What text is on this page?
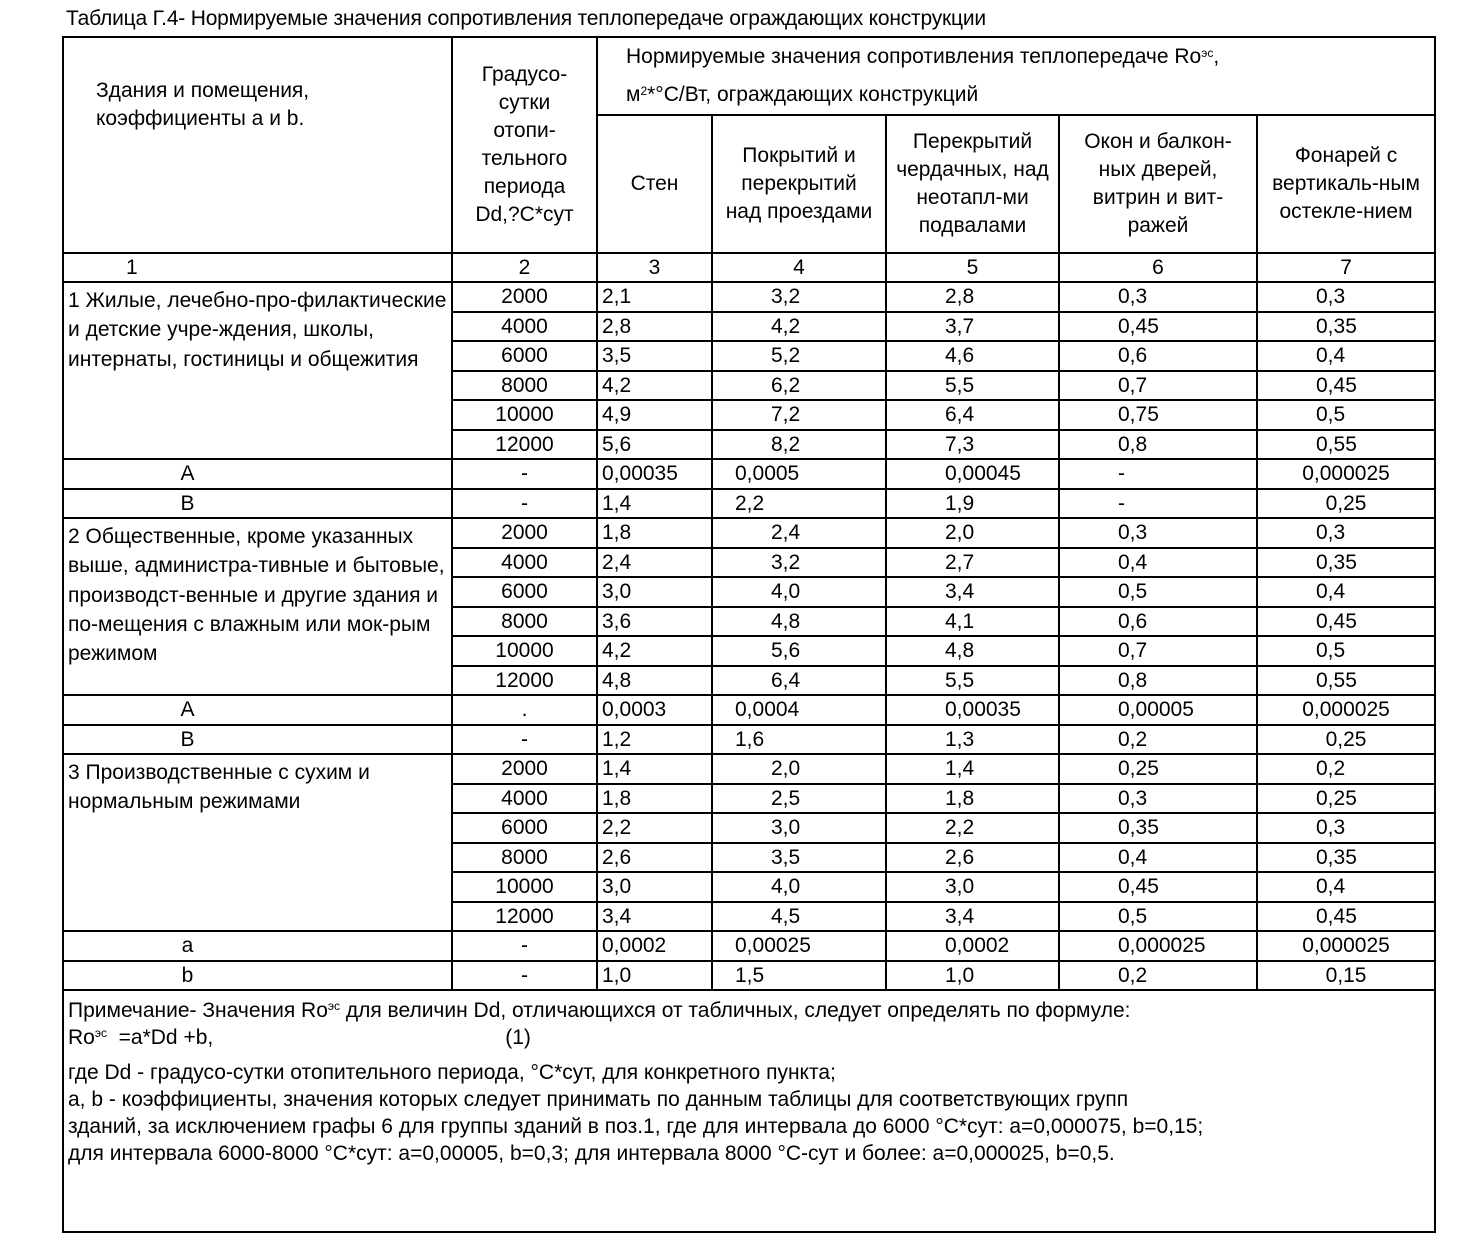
Таблица Г.4- Нормируемые значения сопротивления теплопередаче ограждающих конструкции
Здания и помещения, коэффициенты a и b.	Градусо-сутки отопи-тельного периода Dd,?C*сут	Нормируемые значения сопротивления теплопередаче $Ro^{эс}$,
$м^2*^\circ С/Вт$, ограждающих конструкций				
		Стен	Покрытий и перекрытий над проездами	Перекрытий чердачных, над неотапл-ми подвалами	Окон и балкон-ных дверей, витрин и вит-ражей	Фонарей с вертикаль-ным остекле-нием
1	2	3	4	5	6	7
1 Жилые, лечебно-про-филактические и детские учре-ждения, школы, интернаты, гостиницы и общежития	2000	2,1	3,2	2,8	0,3	0,3
	4000	2,8	4,2	3,7	0,45	0,35
	6000	3,5	5,2	4,6	0,6	0,4
	8000	4,2	6,2	5,5	0,7	0,45
	10000	4,9	7,2	6,4	0,75	0,5
	12000	5,6	8,2	7,3	0,8	0,55
A	-	0,00035	0,0005	0,00045	-	0,000025
B	-	1,4	2,2	1,9	-	0,25
2 Общественные, кроме указанных выше, администра-тивные и бытовые, производст-венные и другие здания и по-мещения с влажным или мок-рым режимом	2000	1,8	2,4	2,0	0,3	0,3
	4000	2,4	3,2	2,7	0,4	0,35
	6000	3,0	4,0	3,4	0,5	0,4
	8000	3,6	4,8	4,1	0,6	0,45
	10000	4,2	5,6	4,8	0,7	0,5
	12000	4,8	6,4	5,5	0,8	0,55
A	.	0,0003	0,0004	0,00035	0,00005	0,000025
B	-	1,2	1,6	1,3	0,2	0,25
3 Производственные с сухим и нормальным режимами	2000	1,4	2,0	1,4	0,25	0,2
	4000	1,8	2,5	1,8	0,3	0,25
	6000	2,2	3,0	2,2	0,35	0,3
	8000	2,6	3,5	2,6	0,4	0,35
	10000	3,0	4,0	3,0	0,45	0,4
	12000	3,4	4,5	3,4	0,5	0,45
a	-	0,0002	0,00025	0,0002	0,000025	0,000025
b	-	1,0	1,5	1,0	0,2	0,15

Примечание- Значения $Ro^{эс}$ для величин Dd, отличающихся от табличных, следует определять по формуле:
$Ro^{эс} =a*Dd +b$,	(1)
где Dd - градусо-сутки отопительного периода, °С*сут, для конкретного пункта;
a, b - коэффициенты, значения которых следует принимать по данным таблицы для соответствующих групп
зданий, за исключением графы 6 для группы зданий в поз.1, где для интервала до 6000 °С*сут: a=0,000075, b=0,15;
для интервала 6000-8000 °С*сут: a=0,00005, b=0,3; для интервала 8000 °С-сут и более: a=0,000025, b=0,5.
